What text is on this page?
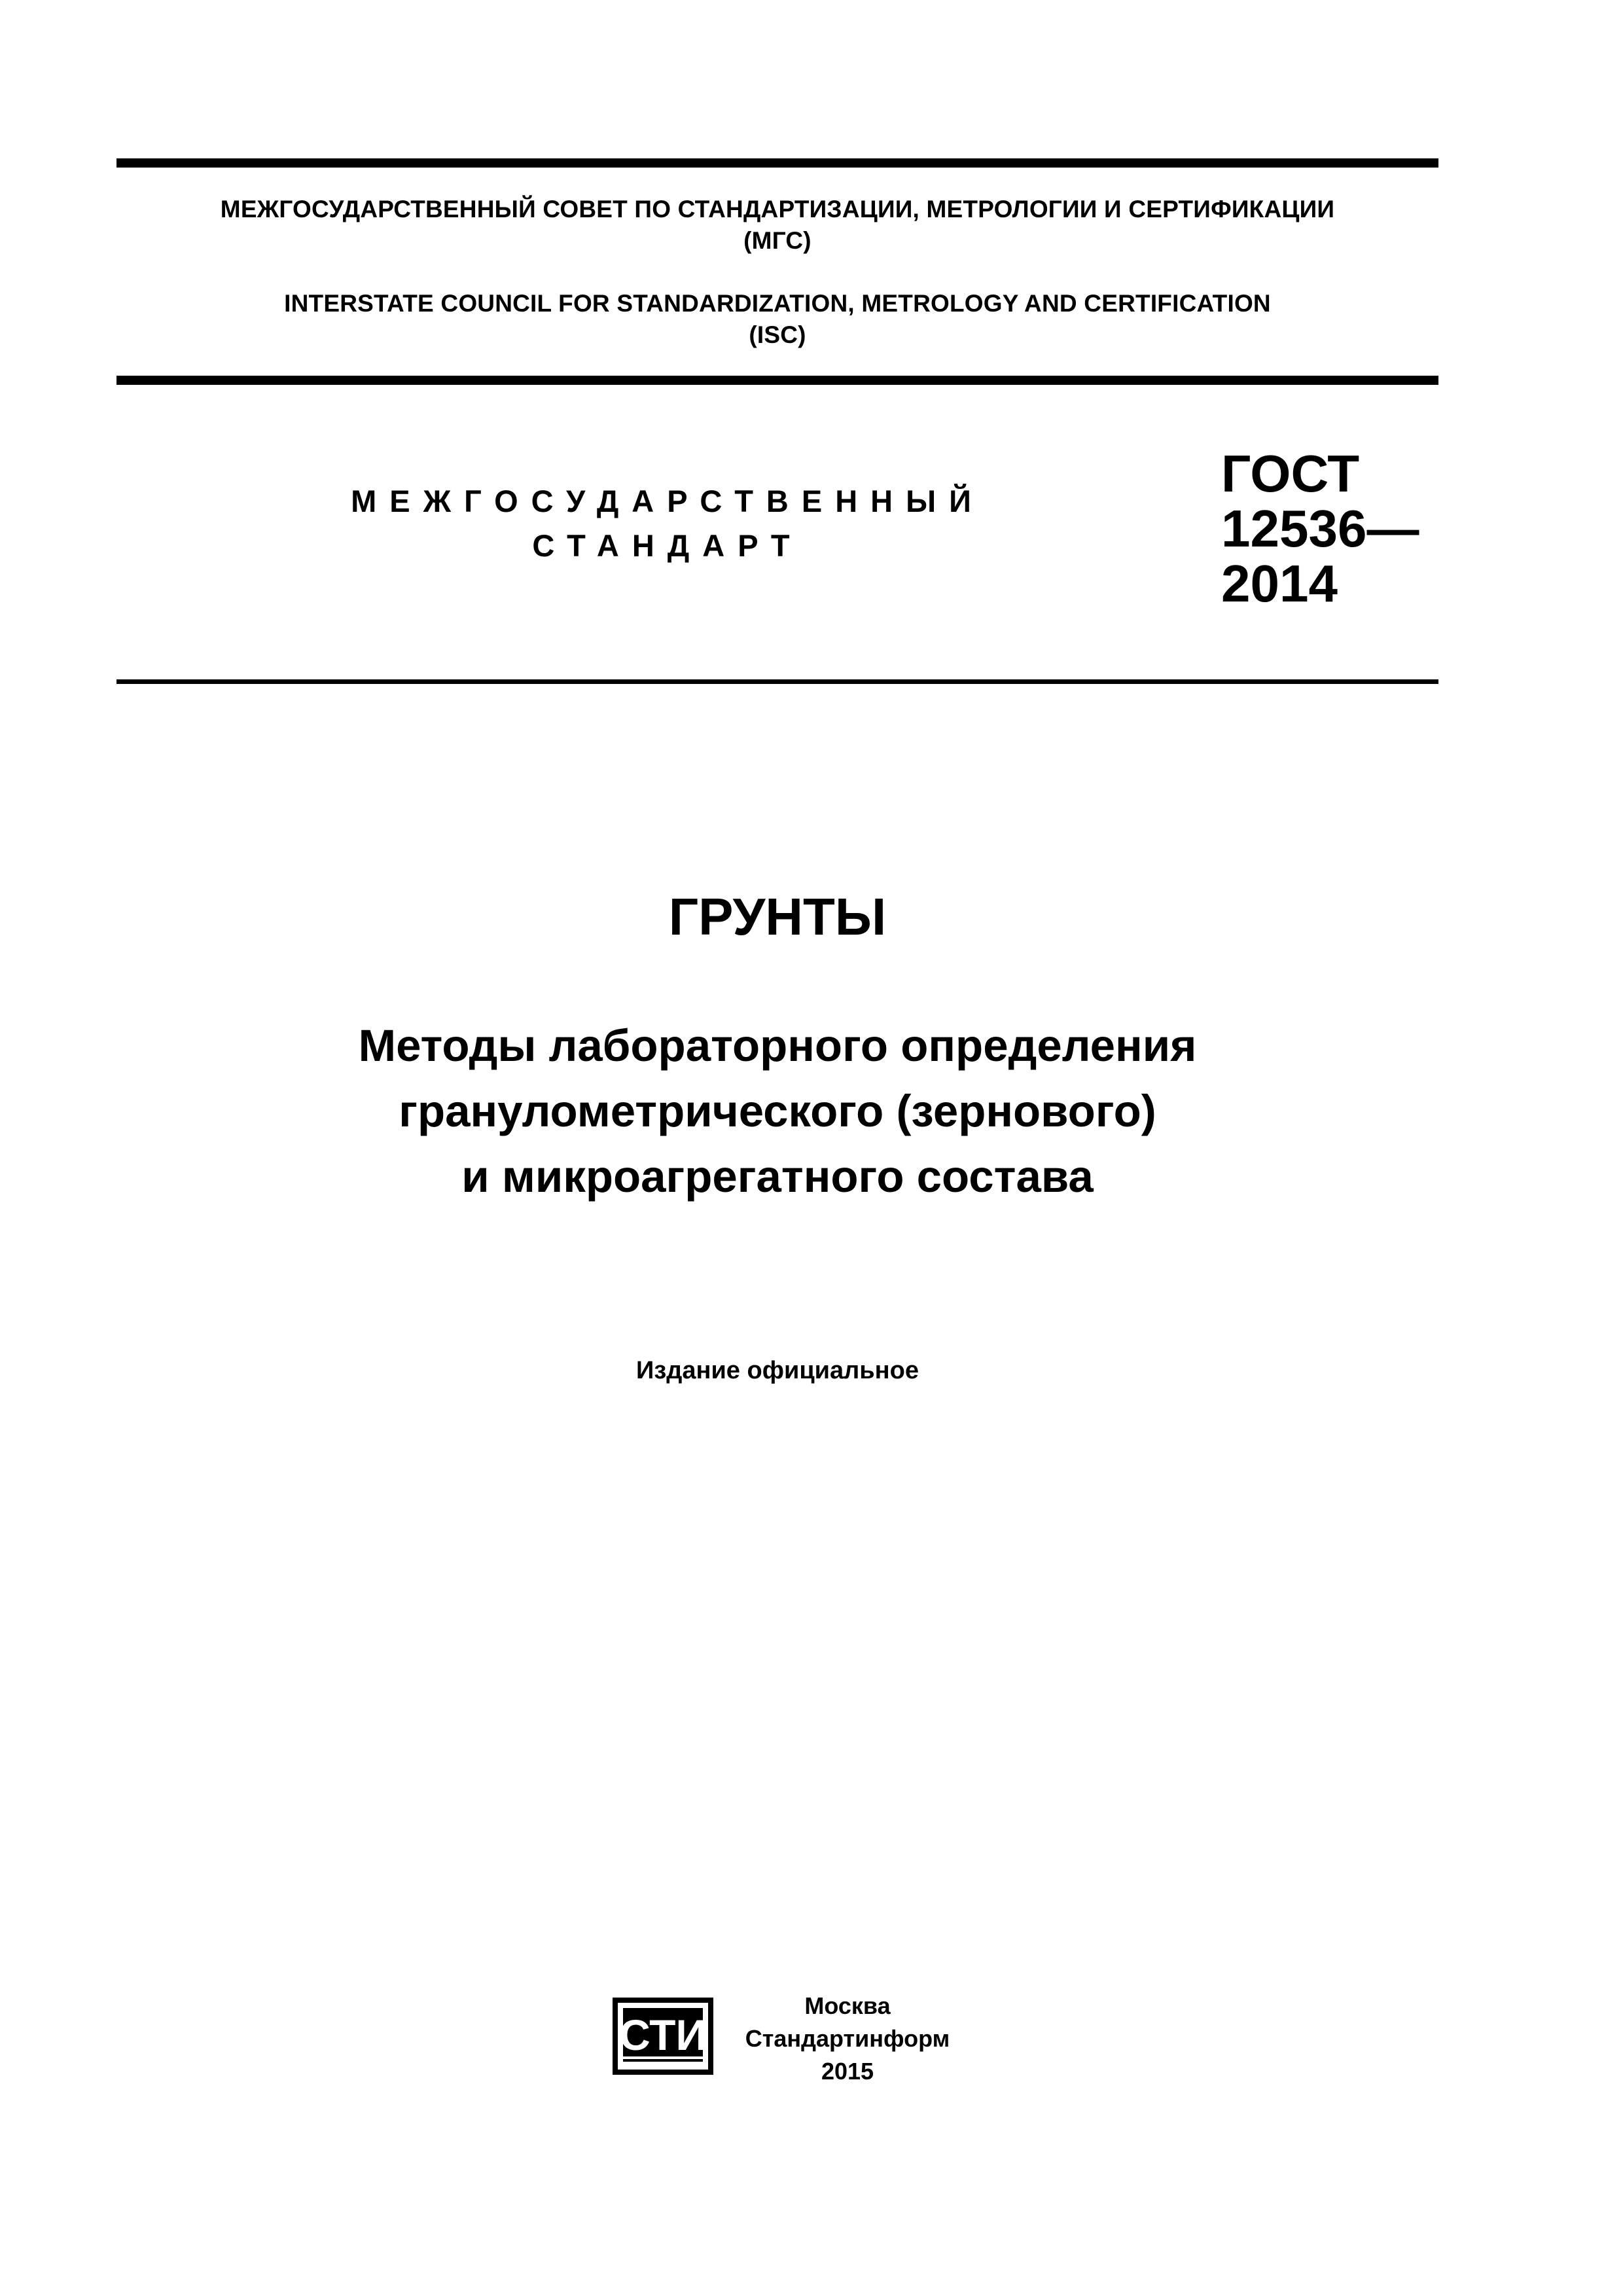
МЕЖГОСУДАРСТВЕННЫЙ СОВЕТ ПО СТАНДАРТИЗАЦИИ, МЕТРОЛОГИИ И СЕРТИФИКАЦИИ
(МГС)
INTERSTATE COUNCIL FOR STANDARDIZATION, METROLOGY AND CERTIFICATION
(ISC)
МЕЖГОСУДАРСТВЕННЫЙ
СТАНДАРТ
ГОСТ
12536—
2014
ГРУНТЫ
Методы лабораторного определения
гранулометрического (зернового)
и микроагрегатного состава
Издание официальное
СТИ
Москва
Стандартинформ
2015
